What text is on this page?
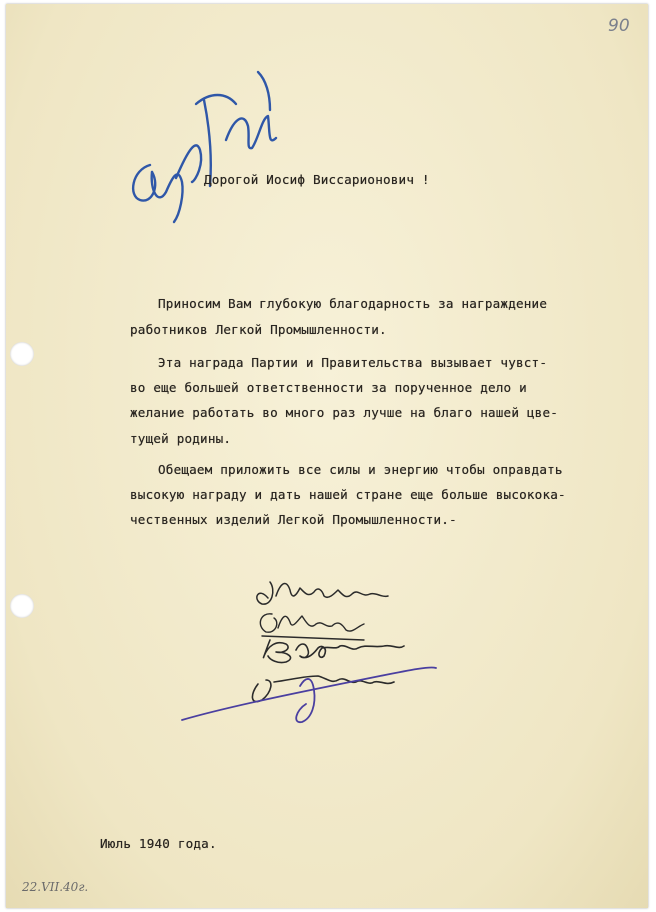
90
Дорогой Иосиф Виссарионович !
Приносим Вам глубокую благодарность за награждение
работников Легкой Промышленности.
Эта награда Партии и Правительства вызывает чувст-
во еще большей ответственности за порученное дело и
желание работать во много раз лучше на благо нашей цве-
тущей родины.
Обещаем приложить все силы и энергию чтобы оправдать
высокую награду и дать нашей стране еще больше высокока-
чественных изделий Легкой Промышленности.-
Июль 1940 года.
22.VII.40г.
